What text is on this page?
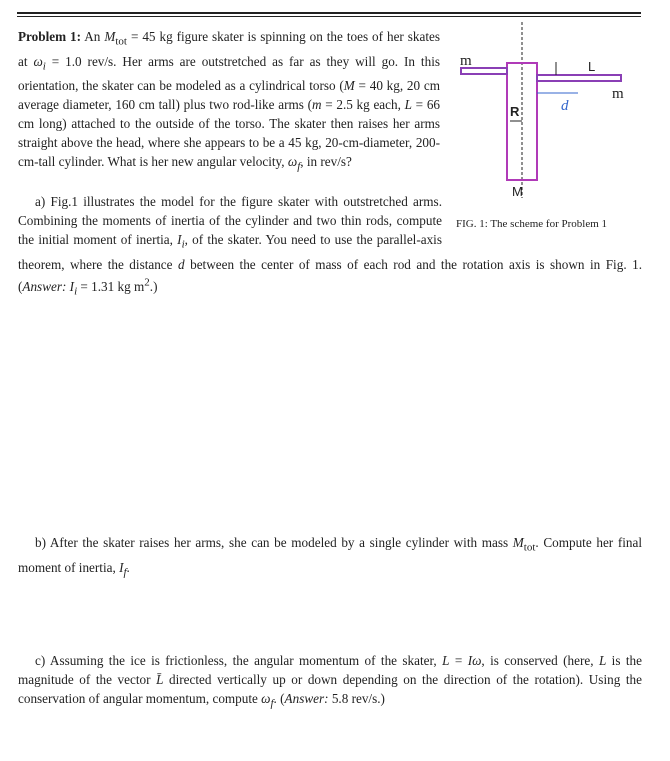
Problem 1: An $M_{tot} = 45$ kg figure skater is spinning on the toes of her skates at $\omega_i = 1.0$ rev/s. Her arms are outstretched as far as they will go. In this orientation, the skater can be modeled as a cylindrical torso (M = 40 kg, 20 cm average diameter, 160 cm tall) plus two rod-like arms (m = 2.5 kg each, L = 66 cm long) attached to the outside of the torso. The skater then raises her arms straight above the head, where she appears to be a 45 kg, 20-cm-diameter, 200-cm-tall cylinder. What is her new angular velocity, $\omega_f$, in rev/s?

a) Fig.1 illustrates the model for the figure skater with outstretched arms. Combining the moments of inertia of the cylinder and two thin rods, compute the initial moment of inertia, $I_i$, of the skater. You need to use the parallel-axis theorem, where the distance d between the center of mass of each rod and the rotation axis is shown in Fig. 1. (Answer: $I_i = 1.31$ kg $m^2$.)

b) After the skater raises her arms, she can be modeled by a single cylinder with mass $M_{tot}$. Compute her final moment of inertia, $I_f$.

c) Assuming the ice is frictionless, the angular momentum of the skater, L = Iω, is conserved (here, L is the magnitude of the vector L̄ directed vertically up or down depending on the direction of the rotation). Using the conservation of angular momentum, compute $\omega_f$. (Answer: 5.8 rev/s.)

m
m
L
R	d
M
FIG. 1: The scheme for Problem 1
